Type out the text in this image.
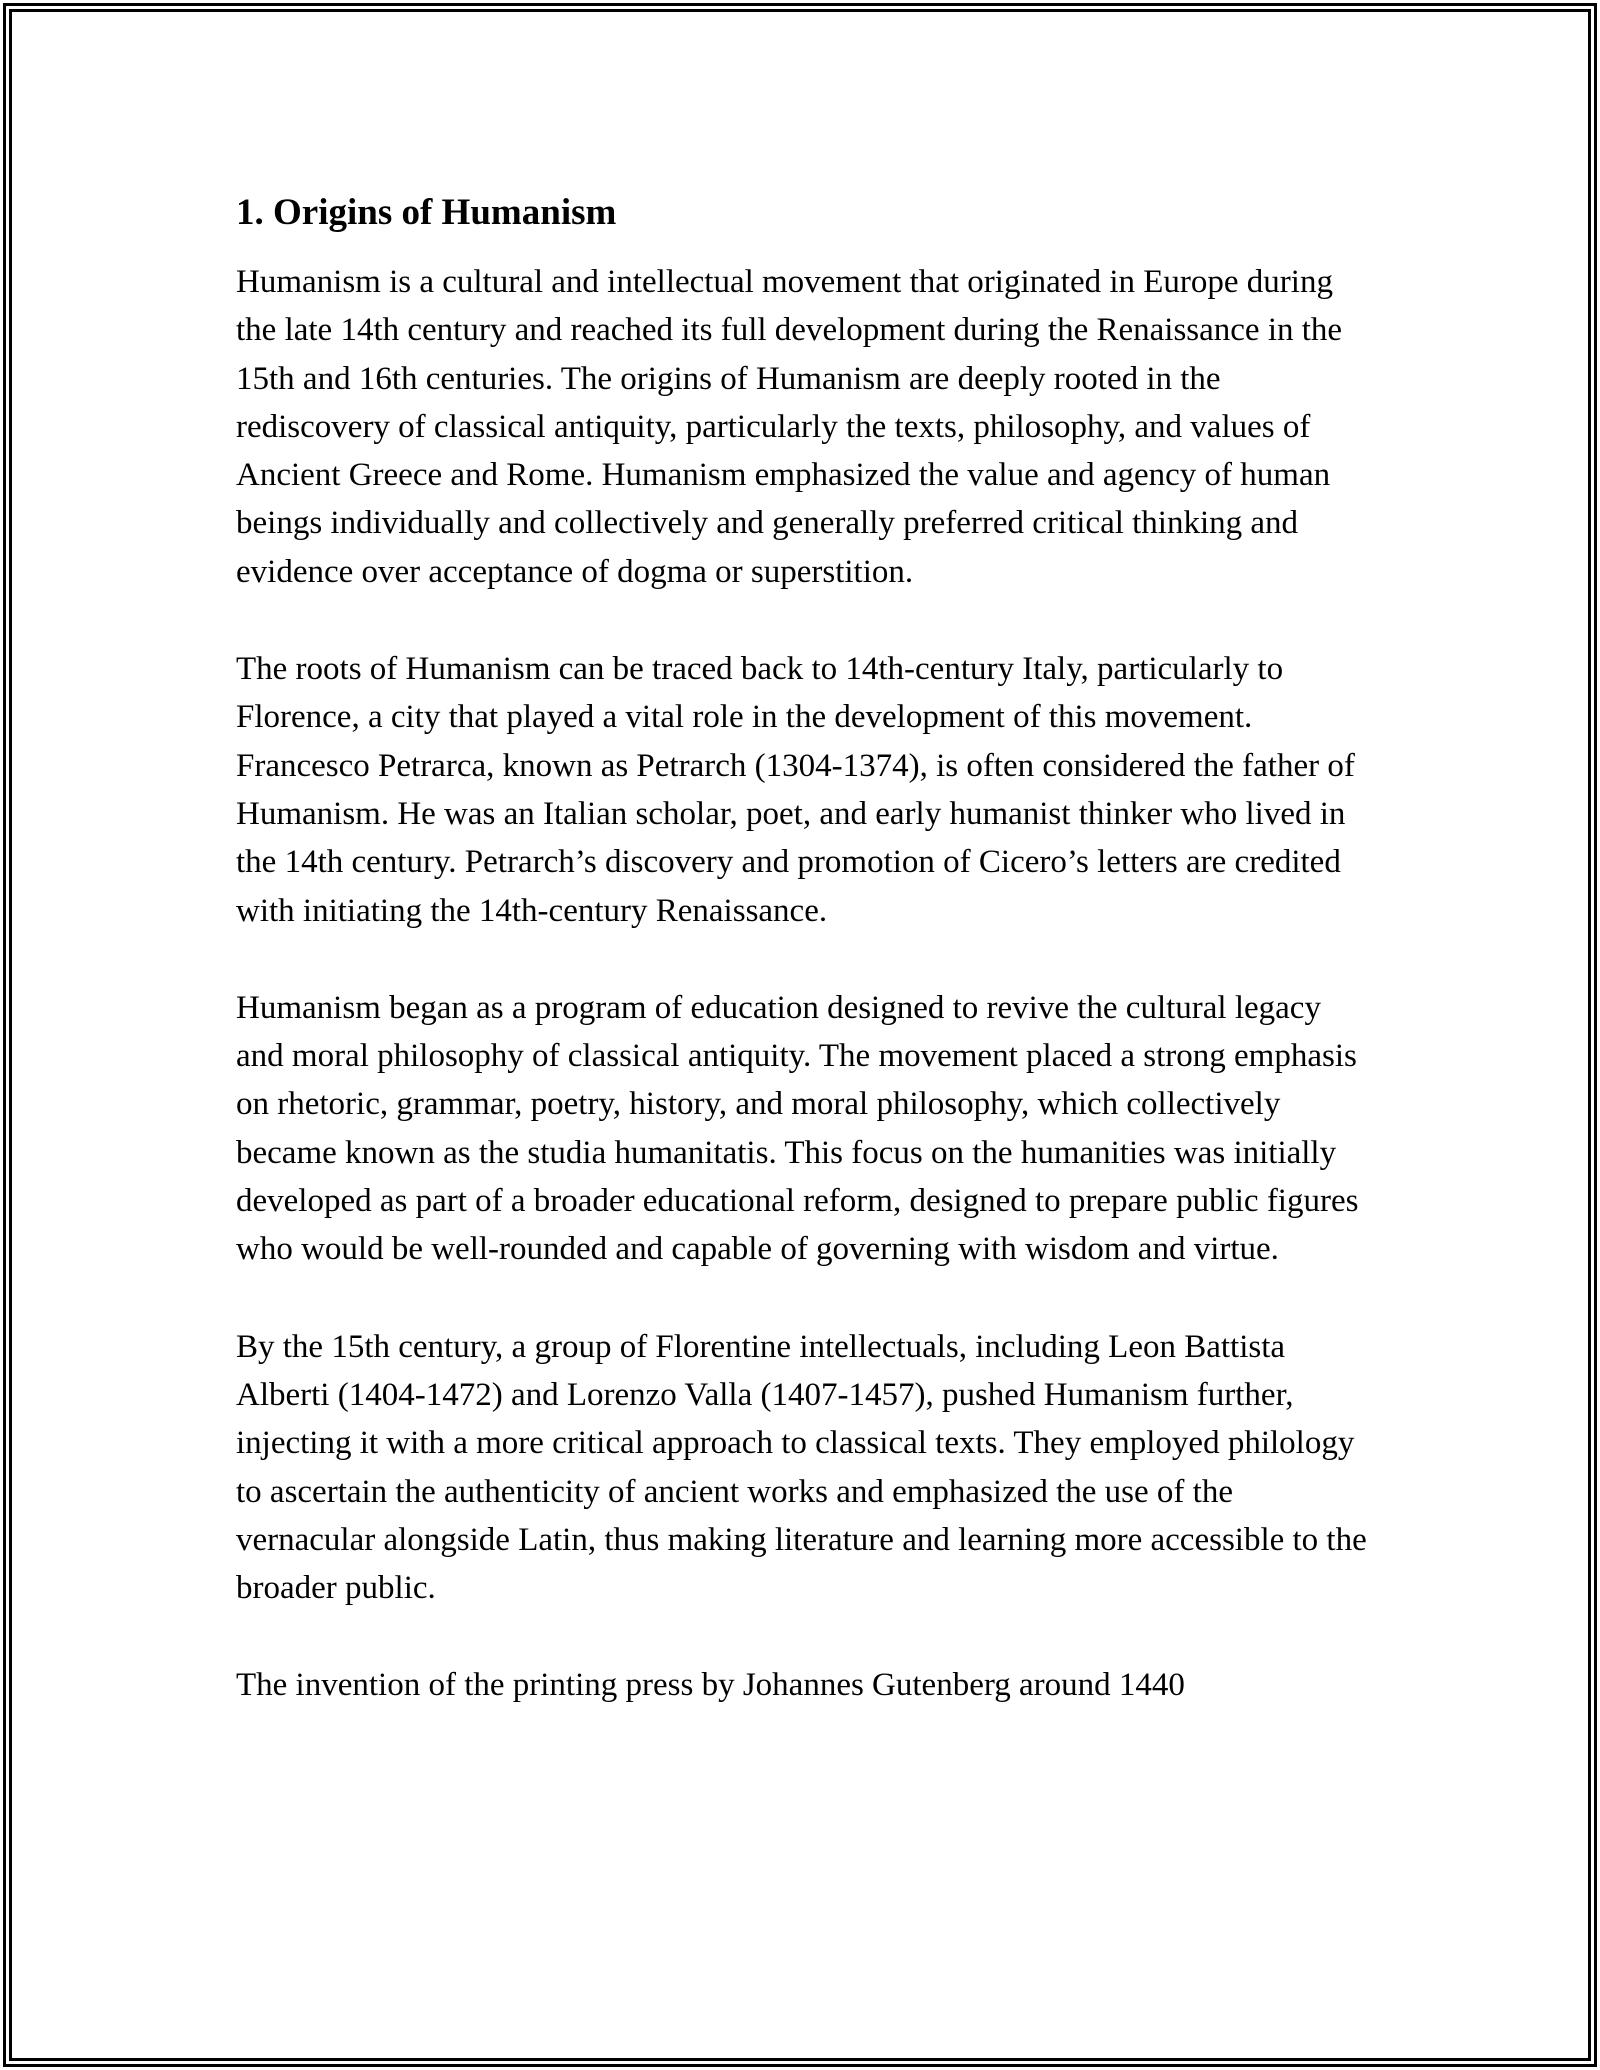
1. Origins of Humanism

Humanism is a cultural and intellectual movement that originated in Europe during the late 14th century and reached its full development during the Renaissance in the 15th and 16th centuries. The origins of Humanism are deeply rooted in the rediscovery of classical antiquity, particularly the texts, philosophy, and values of Ancient Greece and Rome. Humanism emphasized the value and agency of human beings individually and collectively and generally preferred critical thinking and evidence over acceptance of dogma or superstition.

The roots of Humanism can be traced back to 14th-century Italy, particularly to Florence, a city that played a vital role in the development of this movement. Francesco Petrarca, known as Petrarch (1304-1374), is often considered the father of Humanism. He was an Italian scholar, poet, and early humanist thinker who lived in the 14th century. Petrarch’s discovery and promotion of Cicero’s letters are credited with initiating the 14th-century Renaissance.

Humanism began as a program of education designed to revive the cultural legacy and moral philosophy of classical antiquity. The movement placed a strong emphasis on rhetoric, grammar, poetry, history, and moral philosophy, which collectively became known as the studia humanitatis. This focus on the humanities was initially developed as part of a broader educational reform, designed to prepare public figures who would be well-rounded and capable of governing with wisdom and virtue.

By the 15th century, a group of Florentine intellectuals, including Leon Battista Alberti (1404-1472) and Lorenzo Valla (1407-1457), pushed Humanism further, injecting it with a more critical approach to classical texts. They employed philology to ascertain the authenticity of ancient works and emphasized the use of the vernacular alongside Latin, thus making literature and learning more accessible to the broader public.

The invention of the printing press by Johannes Gutenberg around 1440
